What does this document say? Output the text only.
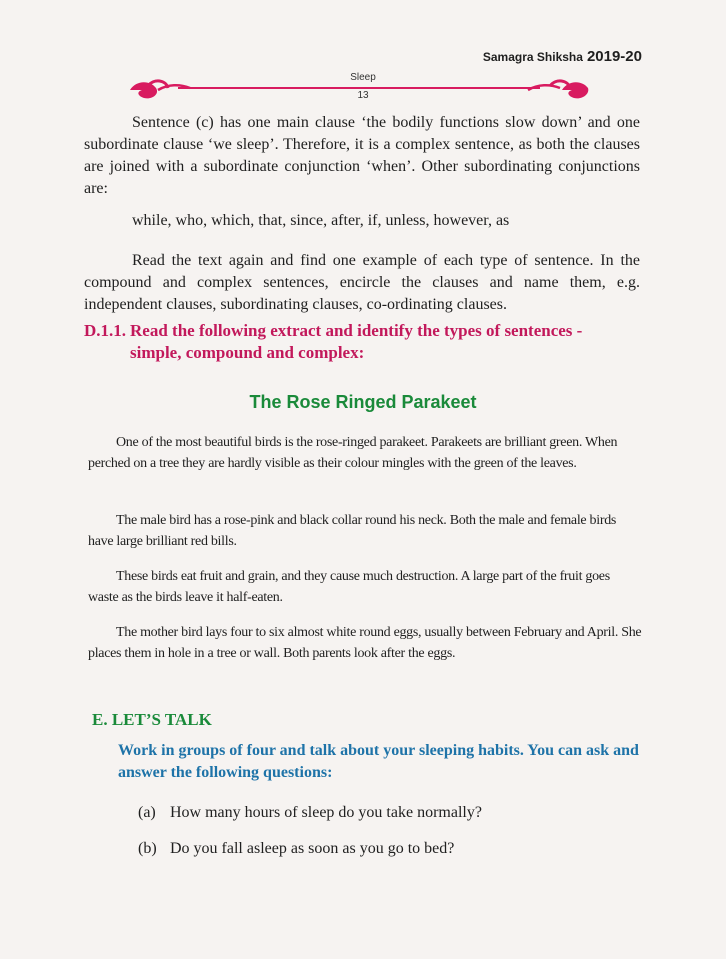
Samagra Shiksha 2019-20
Sleep
13

Sentence (c) has one main clause ‘the bodily functions slow down’ and one subordinate clause ‘we sleep’. Therefore, it is a complex sentence, as both the clauses are joined with a subordinate conjunction ‘when’. Other subordinating conjunctions are:

while, who, which, that, since, after, if, unless, however, as

Read the text again and find one example of each type of sentence. In the compound and complex sentences, encircle the clauses and name them, e.g. independent clauses, subordinating clauses, co-ordinating clauses.

D.1.1. Read the following extract and identify the types of sentences -
simple, compound and complex:
The Rose Ringed Parakeet

One of the most beautiful birds is the rose-ringed parakeet. Parakeets are brilliant green. When perched on a tree they are hardly visible as their colour mingles with the green of the leaves.

The male bird has a rose-pink and black collar round his neck. Both the male and female birds have large brilliant red bills.

These birds eat fruit and grain, and they cause much destruction. A large part of the fruit goes waste as the birds leave it half-eaten.

The mother bird lays four to six almost white round eggs, usually between February and April. She places them in hole in a tree or wall. Both parents look after the eggs.

E. LET’S TALK
Work in groups of four and talk about your sleeping habits. You can ask and answer the following questions:
(a) How many hours of sleep do you take normally?
(b) Do you fall asleep as soon as you go to bed?
